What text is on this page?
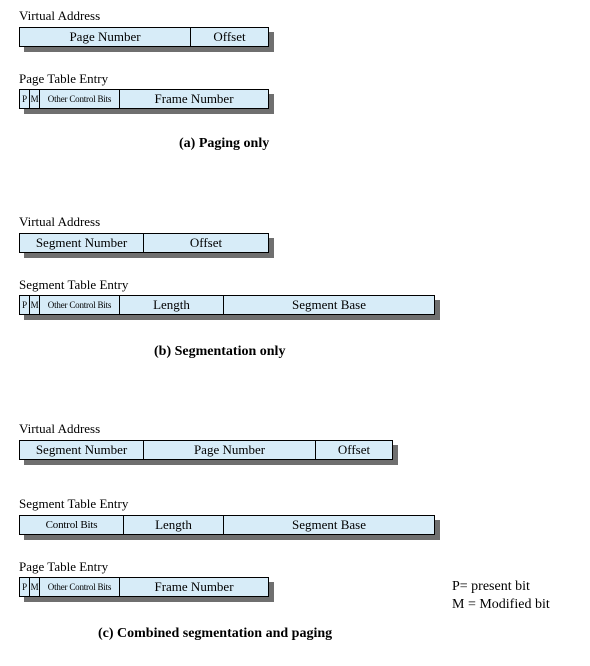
Virtual Address
Page Number	Offset
Page Table Entry
P M	Other Control Bits	Frame Number
(a) Paging only
Virtual Address
Segment Number	Offset
Segment Table Entry
P M	Other Control Bits	Length	Segment Base
(b) Segmentation only
Virtual Address
Segment Number	Page Number	Offset
Segment Table Entry
Control Bits	Length	Segment Base
Page Table Entry
P M	Other Control Bits	Frame Number	P= present bit
M = Modified bit
(c) Combined segmentation and paging
